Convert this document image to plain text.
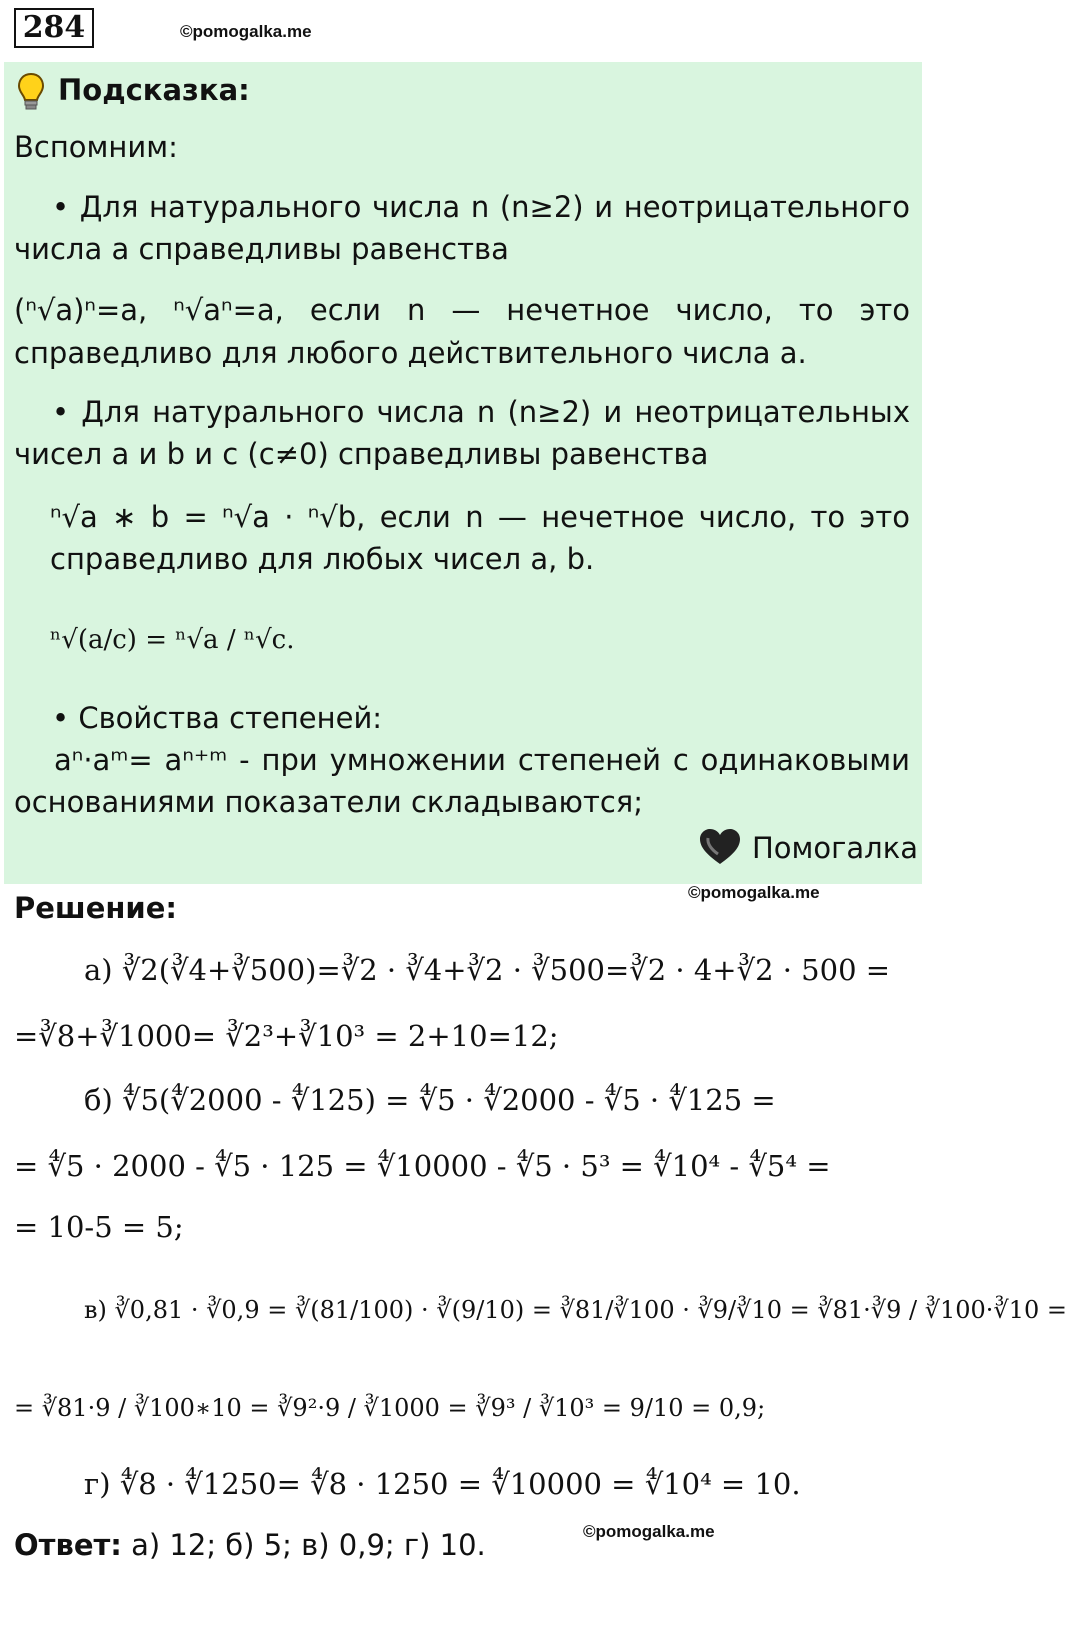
284	©pomogalka.me
Подсказка:
Вспомним:
• Для натурального числа n (n≥2) и неотрицательного
числа a справедливы равенства
(ⁿ√a)ⁿ=a, ⁿ√aⁿ=a, если n — нечетное число, то это
справедливо для любого действительного числа a.
• Для натурального числа n (n≥2) и неотрицательных
чисел a и b и c (c≠0) справедливы равенства
ⁿ√a ∗ b = ⁿ√a · ⁿ√b, если n — нечетное число, то это
справедливо для любых чисел a, b.
ⁿ√(a/c) = ⁿ√a / ⁿ√c.
• Свойства степеней:
aⁿ·aᵐ= aⁿ⁺ᵐ - при умножении степеней с одинаковыми
основаниями показатели складываются;
Помогалка
©pomogalka.me
Решение:
а) ∛2(∛4+∛500)=∛2 · ∛4+∛2 · ∛500=∛2 · 4+∛2 · 500 =
=∛8+∛1000= ∛2³+∛10³ = 2+10=12;
б) ∜5(∜2000 - ∜125) = ∜5 · ∜2000 - ∜5 · ∜125 =
= ∜5 · 2000 - ∜5 · 125 = ∜10000 - ∜5 · 5³ = ∜10⁴ - ∜5⁴ =
= 10-5 = 5;
в) ∛0,81 · ∛0,9 = ∛(81/100) · ∛(9/10) = ∛81/∛100 · ∛9/∛10 = ∛81·∛9 / ∛100·∛10 =
= ∛81·9 / ∛100∗10 = ∛9²·9 / ∛1000 = ∛9³ / ∛10³ = 9/10 = 0,9;
г) ∜8 · ∜1250= ∜8 · 1250 = ∜10000 = ∜10⁴ = 10.
Ответ: а) 12; б) 5; в) 0,9; г) 10.	©pomogalka.me
